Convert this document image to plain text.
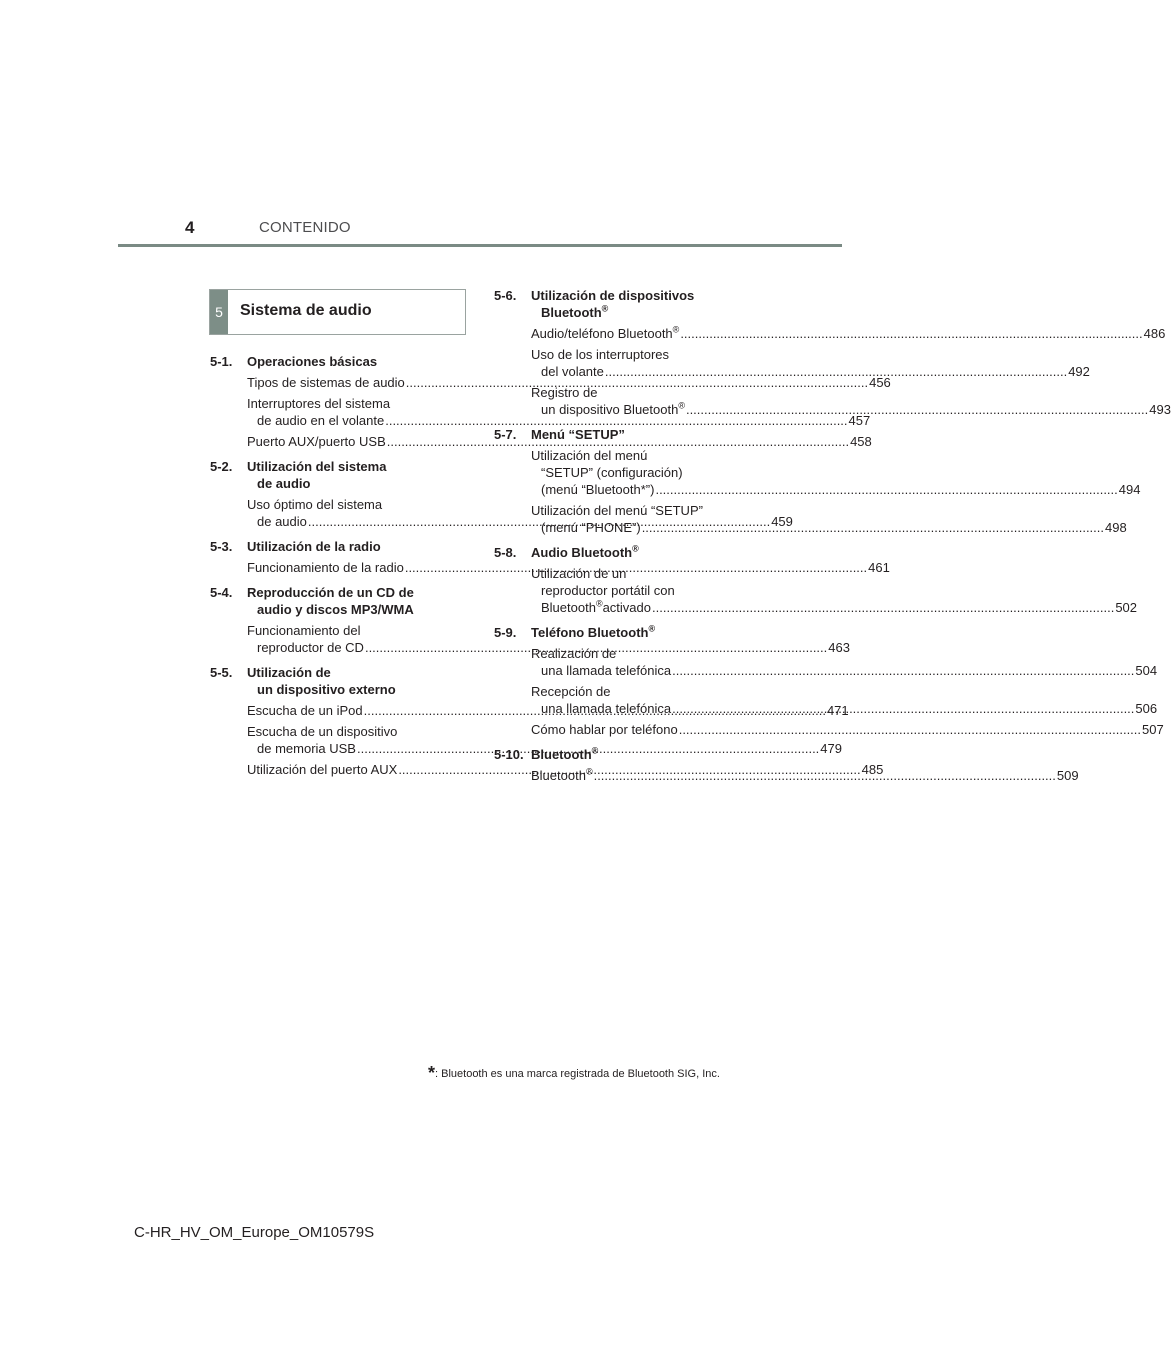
4	CONTENIDO
5	Sistema de audio
5-1. Operaciones básicas
Tipos de sistemas de audio .....	456
Interruptores del sistema
de audio en el volante .....	457
Puerto AUX/puerto USB .....	458
5-2. Utilización del sistema
de audio
Uso óptimo del sistema
de audio .....	459
5-3. Utilización de la radio
Funcionamiento de la radio .....	461
5-4. Reproducción de un CD de
audio y discos MP3/WMA
Funcionamiento del
reproductor de CD .....	463
5-5. Utilización de
un dispositivo externo
Escucha de un iPod .....	471
Escucha de un dispositivo
de memoria USB .....	479
Utilización del puerto AUX .....	485
5-6. Utilización de dispositivos
Bluetooth®
Audio/teléfono Bluetooth® .....	486
Uso de los interruptores
del volante .....	492
Registro de
un dispositivo Bluetooth® .....	493
5-7. Menú “SETUP”
Utilización del menú
“SETUP” (configuración)
(menú “Bluetooth*”) .....	494
Utilización del menú “SETUP”
(menú “PHONE”) .....	498
5-8. Audio Bluetooth®
Utilización de un
reproductor portátil con
Bluetooth®activado .....	502
5-9. Teléfono Bluetooth®
Realización de
una llamada telefónica .....	504
Recepción de
una llamada telefónica .....	506
Cómo hablar por teléfono .....	507
5-10. Bluetooth®
Bluetooth® .....	509
*: Bluetooth es una marca registrada de Bluetooth SIG, Inc.
C-HR_HV_OM_Europe_OM10579S
